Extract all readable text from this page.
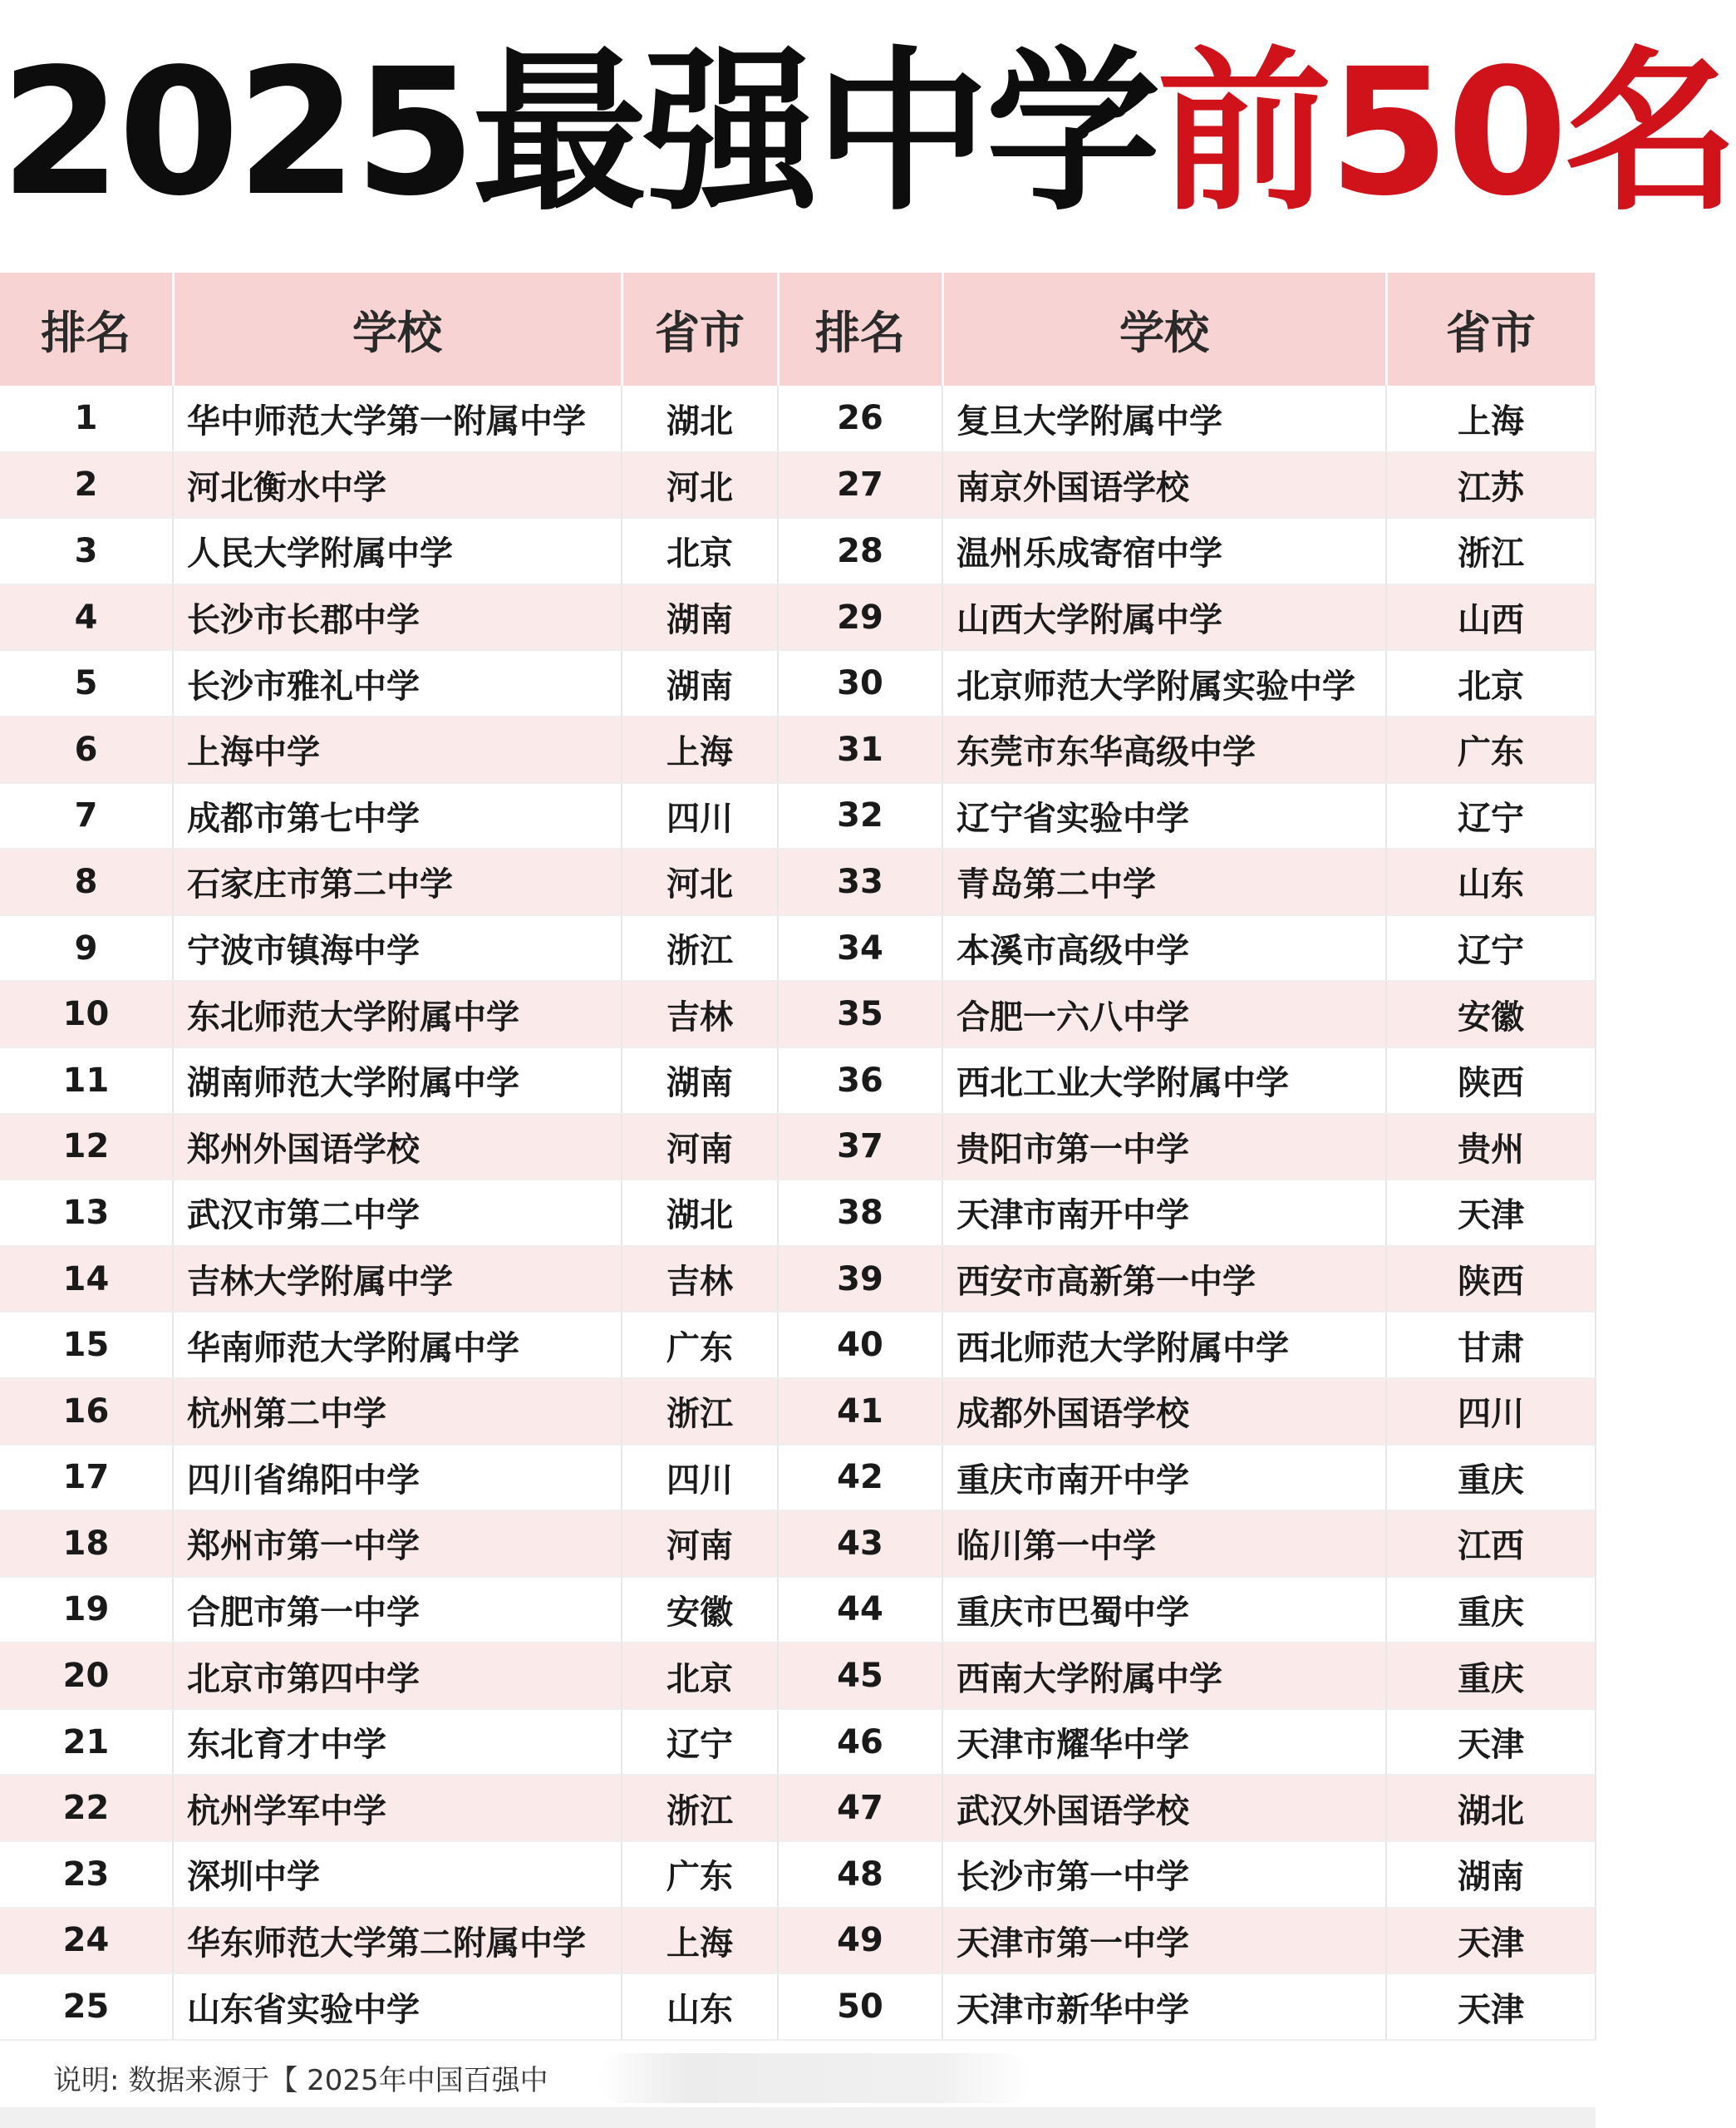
2025最强中学前50名
排名	学校	省市	排名	学校	省市
1	华中师范大学第一附属中学	湖北	26	复旦大学附属中学	上海
2	河北衡水中学	河北	27	南京外国语学校	江苏
3	人民大学附属中学	北京	28	温州乐成寄宿中学	浙江
4	长沙市长郡中学	湖南	29	山西大学附属中学	山西
5	长沙市雅礼中学	湖南	30	北京师范大学附属实验中学	北京
6	上海中学	上海	31	东莞市东华高级中学	广东
7	成都市第七中学	四川	32	辽宁省实验中学	辽宁
8	石家庄市第二中学	河北	33	青岛第二中学	山东
9	宁波市镇海中学	浙江	34	本溪市高级中学	辽宁
10	东北师范大学附属中学	吉林	35	合肥一六八中学	安徽
11	湖南师范大学附属中学	湖南	36	西北工业大学附属中学	陕西
12	郑州外国语学校	河南	37	贵阳市第一中学	贵州
13	武汉市第二中学	湖北	38	天津市南开中学	天津
14	吉林大学附属中学	吉林	39	西安市高新第一中学	陕西
15	华南师范大学附属中学	广东	40	西北师范大学附属中学	甘肃
16	杭州第二中学	浙江	41	成都外国语学校	四川
17	四川省绵阳中学	四川	42	重庆市南开中学	重庆
18	郑州市第一中学	河南	43	临川第一中学	江西
19	合肥市第一中学	安徽	44	重庆市巴蜀中学	重庆
20	北京市第四中学	北京	45	西南大学附属中学	重庆
21	东北育才中学	辽宁	46	天津市耀华中学	天津
22	杭州学军中学	浙江	47	武汉外国语学校	湖北
23	深圳中学	广东	48	长沙市第一中学	湖南
24	华东师范大学第二附属中学	上海	49	天津市第一中学	天津
25	山东省实验中学	山东	50	天津市新华中学	天津
说明: 数据来源于【 2025年中国百强中
